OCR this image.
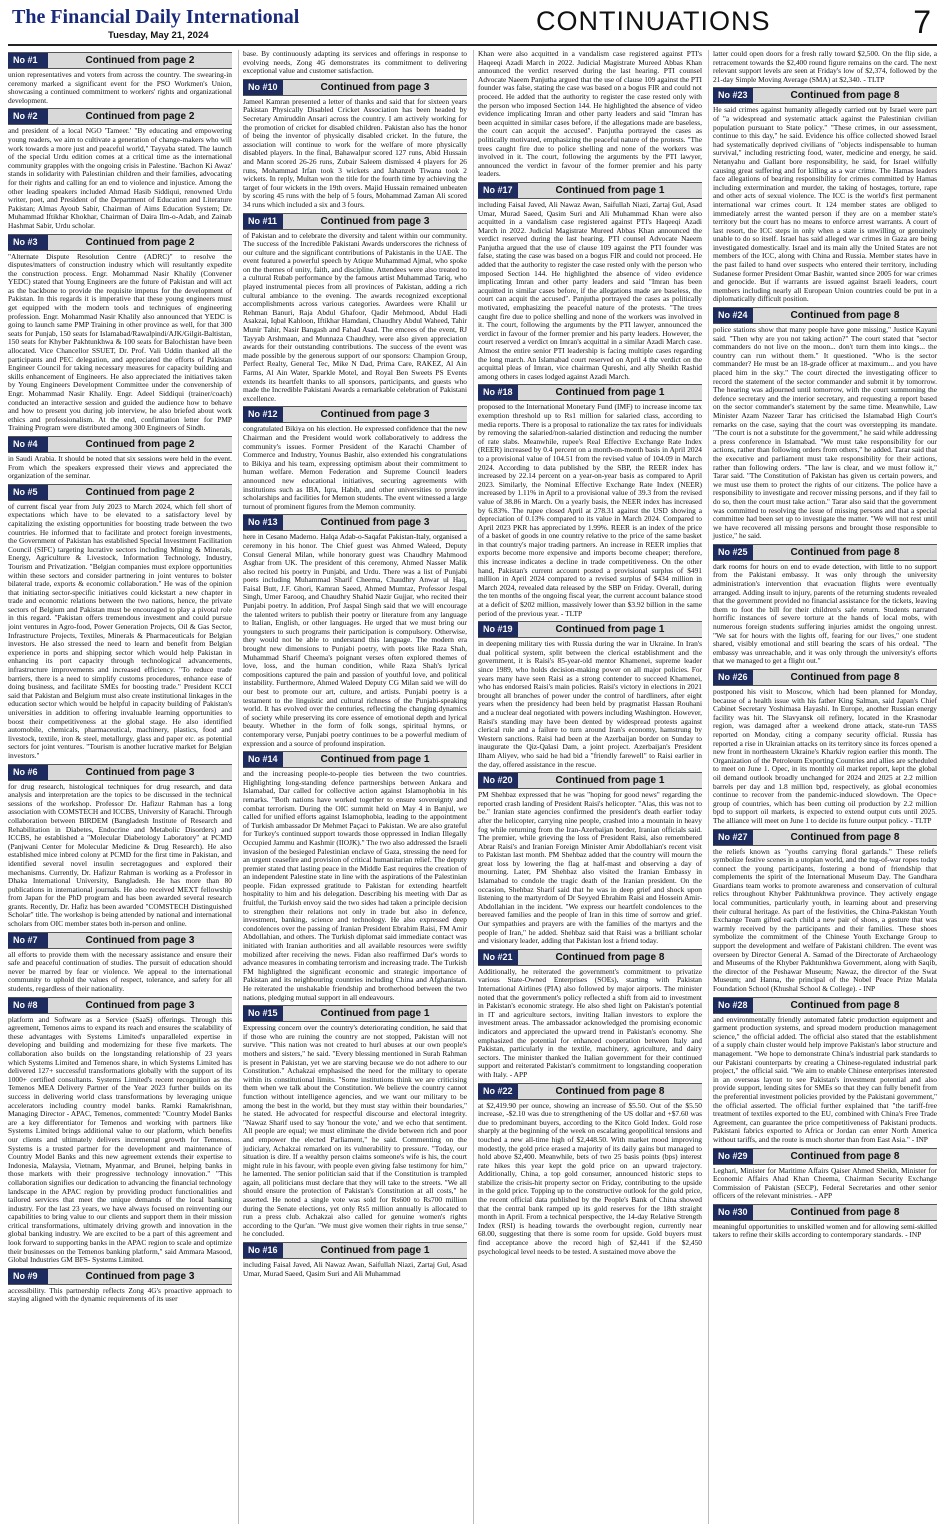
The Financial Daily International
Tuesday, May 21, 2024	CONTINUATIONS	7
No #1	Continued from page 2

union representatives and voters from across the country. The swearing-in ceremony marked a significant event for the PSO Workmen's Union, showcasing a continued commitment to workers' rights and organizational development.

No #2	Continued from page 2

and president of a local NGO 'Tameer.' "By educating and empowering young readers, we aim to cultivate a generation of change-makers who will work towards a more just and peaceful world," Tayyaba stated. The launch of the special Urdu edition comes at a critical time as the international community grapples with the ongoing crisis in Palestine. 'Bachon Ki Awaz' stands in solidarity with Palestinian children and their families, advocating for their rights and calling for an end to violence and injustice. Among the other leading speakers included Ahmad Hasib Siddiqui, renowned Urdu writer, poet, and President of the Department of Education and Literature Pakistan; Almas Ayoub Sabir, Chairman of Aims Education System; Dr. Muhammad Iftikhar Khokhar, Chairman of Daira Ilm-o-Adab, and Zainab Hashmat Sabir, Urdu scholar.

No #3	Continued from page 2

"Alternate Dispute Resolution Centre (ADRC)" to resolve the disputes/matters of construction industry which will resultantly expedite the construction process. Engr. Mohammad Nasir Khalily (Convener YEDC) stated that Young Engineers are the future of Pakistan and will act as the backbone to provide the requisite impetus for the development of Pakistan. In this regards it is imperative that these young engineers must get equipped with the modern tools and techniques of engineering profession. Engr. Mohammad Nasir Khalily also announced that YEDC is going to launch same PMP Training in other province as well, for that 300 seats for Punjab, 150 seats for Islamabad/Rawalpindi/AJK/Gilgit-Baltistan, 150 seats for Khyber Pakhtunkhwa & 100 seats for Balochistan have been allocated. Vice Chancellor SSUET, Dr. Prof. Vali Uddin thanked all the participants and PEC delegation, and appreciated the efforts of Pakistan Engineer Council for taking necessary measures for capacity building and skills enhancement of Engineers. He also appreciated the initiatives taken by Young Engineers Development Committee under the convenership of Engr. Mohammad Nasir Khalily. Engr. Adeel Siddiqui (trainer/coach) conducted an interactive session and guided the audience how to behave and how to present you during job interview, he also briefed about work ethics and professionalism. At the end, confirmation letter for PMP Training Program were distributed among 300 Engineers of Sindh.

No #4	Continued from page 2

in Saudi Arabia. It should be noted that six sessions were held in the event. From which the speakers expressed their views and appreciated the organization of the seminar.

No #5	Continued from page 2

of current fiscal year from July 2023 to March 2024, which fell short of expectations which have to be elevated to a satisfactory level by capitalizing the existing opportunities for boosting trade between the two countries. He informed that to facilitate and protect foreign investments, the Government of Pakistan has established Special Investment Facilitation Council (SIFC) targeting lucrative sectors including Mining & Minerals, Energy, Agriculture & Livestock, Information Technology, Industry, Tourism and Privatization. "Belgian companies must explore opportunities within these sectors and consider partnering in joint ventures to bolster bilateral trade, exports & economic collaboration." He was of the opinion that initiating sector-specific initiatives could kickstart a new chapter in trade and economic relations between the two nations, hence, the private sectors of Belgium and Pakistan must be encouraged to play a pivotal role in this regard. "Pakistan offers tremendous investment and could pursue joint ventures in Agro-food, Power Generation Projects, Oil & Gas Sector, Infrastructure Projects, Textiles, Minerals & Pharmaceuticals for Belgian investors. He also stressed the need to learn and benefit from Belgian experience in ports and shipping sector which would help Pakistan in enhancing its port capacity through technological advancements, infrastructure improvements and increased efficiency. "To reduce trade barriers, there is a need to simplify customs procedures, enhance ease of doing business, and facilitate SMEs for boosting trade." President KCCI said that Pakistan and Belgium must also create institutional linkages in the education sector which would be helpful in capacity building of Pakistan's universities in addition to offering invaluable learning opportunities to boost their competitiveness at the global stage. He also identified automobile, chemicals, pharmaceutical, machinery, plastics, food and livestock, textile, iron & steel, metallurgy, glass and paper etc. as potential sectors for joint ventures. "Tourism is another lucrative market for Belgian investors."

No #6	Continued from page 3

for drug research, histological techniques for drug research, and data analysis and interpretation are the topics to be discussed in the technical sessions of the workshop. Professor Dr. Hafizur Rahman has a long association with COMSTECH and ICCBS, University of Karachi. Through collaboration between BIRDEM (Bangladesh Institute of Research and Rehabilitation in Diabetes, Endocrine and Metabolic Disorders) and ICCBS, he established a "Molecular Diabetology Laboratory" at PCMD (Panjwani Center for Molecular Medicine & Drug Research). He also established mice inbred colony at PCMD for the first time in Pakistan, and identified several novel insulin secretagogues and explored their mechanisms. Currently, Dr. Hafizur Rahman is working as a Professor in Dhaka International University, Bangladesh. He has more than 80 publications in international journals. He also received MEXT fellowship from Japan for the PhD program and has been awarded several research grants. Recently, Dr. Hafiz has been awarded "COMSTECH Distinguished Scholar" title. The workshop is being attended by national and international scholars from OIC member states both in-person and online.

No #7	Continued from page 3

all efforts to provide them with the necessary assistance and ensure their safe and peaceful continuation of studies. The pursuit of education should never be marred by fear or violence. We appeal to the international community to uphold the values of respect, tolerance, and safety for all students, regardless of their nationality.

No #8	Continued from page 3

platform and Software as a Service (SaaS) offerings. Through this agreement, Temenos aims to expand its reach and ensures the scalability of these advantages with Systems Limited's unparalleled expertise in developing and building and modernizing for these five markets. The collaboration also builds on the longstanding relationship of 23 years which Systems Limited and Temenos share, in which Systems Limited has delivered 127+ successful transformations globally with the support of its 1000+ certified consultants. Systems Limited's recent recognition as the Temenos MEA Delivery Partner of the Year 2023 further builds on its success in delivering world class transformations by leveraging unique accelerators including country model banks. Ramki Ramakrishnan, Managing Director - APAC, Temenos, commented: "Country Model Banks are a key differentiator for Temenos and working with partners like Systems Limited brings additional value to our platform, which benefits our clients and ultimately delivers incremental growth for Temenos. Systems is a trusted partner for the development and maintenance of Country Model Banks and this new agreement extends their expertise to Indonesia, Malaysia, Vietnam, Myanmar, and Brunei, helping banks in those markets with their progressive technology innovation." "This collaboration signifies our dedication to advancing the financial technology landscape in the APAC region by providing product functionalities and tailored services that meet the unique demands of the local banking industry. For the last 23 years, we have always focused on reinventing our capabilities to bring value to our clients and support them in their mission critical transformations, ultimately driving growth and innovation in the global banking industry. We are excited to be a part of this agreement and look forward to supporting banks in the APAC region to scale and optimize their businesses on the Temenos banking platform," said Ammara Masood, Global Industries GM BFS- Systems Limited.

No #9	Continued from page 3

accessibility. This partnership reflects Zong 4G's proactive approach to staying aligned with the dynamic requirements of its user

base. By continuously adapting its services and offerings in response to evolving needs, Zong 4G demonstrates its commitment to delivering exceptional value and customer satisfaction.

No #10	Continued from page 3

Jameel Kamran presented a letter of thanks and said that for sixteen years Pakistan Physically Disabled Cricket Association has been headed by Secretary Amiruddin Ansari across the country. I am actively working for the promotion of cricket for disabled children. Pakistan also has the honor of being the inventor of physically disabled cricket. In the future, the association will continue to work for the welfare of more physically disabled players. In the final, Bahawalpur scored 127 runs, Abid Hussain and Mann scored 26-26 runs, Zubair Saleem dismissed 4 players for 26 runs, Mohammad Irfan took 3 wickets and Jahanzeb Tiwana took 2 wickets. In reply, Multan won the title for the fourth time by achieving the target of four wickets in the 19th overs. Majid Hussain remained unbeaten by scoring 45 runs with the help of 5 fours, Mohammad Zaman Ali scored 34 runs which included a six and 3 fours.

No #11	Continued from page 3

of Pakistan and to celebrate the diversity and talent within our community. The success of the Incredible Pakistani Awards underscores the richness of our culture and the significant contributions of Pakistanis in the UAE. The event featured a powerful speech by Atique Muhammad Ajmal, who spoke on the themes of unity, faith, and discipline. Attendees were also treated to a cultural Rubab performance by the famous artist Muhammad Tariq, who played instrumental pieces from all provinces of Pakistan, adding a rich cultural ambiance to the evening. The awards recognized exceptional accomplishments across various categories. Awardees were Khalil ur Rehman Banuri, Raja Abdul Ghafoor, Qadir Mehmood, Abdul Hadi Asakzai, Iqbal Kahloon, Iftikhar Hamdani, Chaudhry Abdul Waheed, Tahir Munir Tahir, Nasir Bangash and Fahad Asad. The emcees of the event, RJ Tayyab Arshmaan, and Munnaza Chaudhry, were also given appreciation awards for their outstanding contributions. The success of the event was made possible by the generous support of our sponsors: Champion Group, Perfect Realty, General Tec, Mike N Dad, Prima Care, RAKEZ, Al Ain Farms, Al Ain Water, Sparkle Motel, and Royal Ben Sweets PS Events extends its heartfelt thanks to all sponsors, participants, and guests who made the Incredible Pakistani Awards a remarkable celebration of Pakistani excellence.

No #12	Continued from page 3

congratulated Bikiya on his election. He expressed confidence that the new Chairman and the President would work collaboratively to address the community's issues. Former President of the Karachi Chamber of Commerce and Industry, Younus Bashir, also extended his congratulations to Bikiya and his team, expressing optimism about their commitment to human welfare. Memon Federation and Supreme Council leaders announced new educational initiatives, securing agreements with institutions such as IBA, Iqra, Habib, and other universities to provide scholarships and facilities for Memon students. The event witnessed a large turnout of prominent figures from the Memon community.

No #13	Continued from page 3

here in Cesano Maderno. Halqa Adab-o-Saqafat Pakistan-Italy, organised a ceremony in his honor. The Chief guest was Ahmed Waleed, Deputy Consul General Milan, while honorary guest was Chaudhry Mahmood Asghar from UK. The president of this ceremony, Ahmed Nasser Malik also recited his poetry in Punjabi, and Urdu. There was a list of Punjabi poets including Muhammad Sharif Cheema, Chaudhry Anwar ul Haq, Faisal Butt, J.F. Ghori, Kamran Saeed, Ahmed Mumtaz, Professor Jespal Singh, Umer Farooq, and Chaudhry Shahid Nazir Gujjar, who recited their Punjabi poetry. In addition, Prof Jaspal Singh said that we will encourage the talented writers to publish their poetry or literature from any language to Italian, English, or other languages. He urged that we must bring our youngsters to such programs their participation is compulsory. Otherwise, they would not be able to understand this language. The modern era brought new dimensions to Punjabi poetry, with poets like Raza Shah, Muhammad Sharif Cheema's poignant verses often explored themes of love, loss, and the human condition, while Raza Shah's lyrical compositions captured the pain and passion of youthful love, and political instability. Furthermore, Ahmed Waleed Deputy CG Milan said we will do our best to promote our art, culture, and artists. Punjabi poetry is a testament to the linguistic and cultural richness of the Punjabi-speaking world. It has evolved over the centuries, reflecting the changing dynamics of society while preserving its core essence of emotional depth and lyrical beauty. Whether in the form of folk songs, spiritual hymns, or contemporary verse, Punjabi poetry continues to be a powerful medium of expression and a source of profound inspiration.

No #14	Continued from page 1

and the increasing people-to-people ties between the two countries. Highlighting long-standing defence partnerships between Ankara and Islamabad, Dar called for collective action against Islamophobia in his remarks. "Both nations have worked together to ensure sovereignty and combat terrorism. During the OIC summit held on May 4 in Banjul, we called for unified efforts against Islamophobia, leading to the appointment of Turkish ambassador Dr Mehmet Paçaci to Pakistan. We are also grateful for Turkey's continued support towards those oppressed in Indian Illegally Occupied Jammu and Kashmir (IIOJK)." The two also addressed the Israeli invasion of the besieged Palestinian enclave of Gaza, stressing the need for an urgent ceasefire and provision of critical humanitarian relief. The deputy premier stated that lasting peace in the Middle East requires the creation of an independent Palestine state in line with the aspirations of the Palestinian people. Fidan expressed gratitude to Pakistan for extending heartfelt hospitality to him and his delegation. Describing his meeting with Dar as fruitful, the Turkish envoy said the two sides had taken a principle decision to strengthen their relations not only in trade but also in defence, investment, banking, science and technology. He also expressed deep condolences over the passing of Iranian President Ebrahim Raisi, FM Amir Abdollahian, and others. The Turkish diplomat said immediate contact was initiated with Iranian authorities and all available resources were swiftly mobilized after receiving the news. Fidan also reaffirmed Dar's words to advance measures in combating terrorism and increasing trade. The Turkish FM highlighted the significant economic and strategic importance of Pakistan and its neighbouring countries including China and Afghanistan. He reiterated the unshakable friendship and brotherhood between the two nations, pledging mutual support in all endeavours.

No #15	Continued from page 1

Expressing concern over the country's deteriorating condition, he said that if those who are ruining the country are not stopped, Pakistan will not survive. "This nation was not created to hurl abuses at our own people's mothers and sisters," he said. "Every blessing mentioned in Surah Rahman is present in Pakistan, yet we are starving because we do not adhere to our Constitution." Achakzai emphasised the need for the military to operate within its constitutional limits. "Some institutions think we are criticising them when we talk about the Constitution. We believe the country cannot function without intelligence agencies, and we want our military to be among the best in the world, but they must stay within their boundaries," he stated. He advocated for respectful discourse and electoral integrity. "Nawaz Sharif used to say 'honour the vote,' and we echo that sentiment. All people are equal; we must eliminate the divide between rich and poor and empower the elected Parliament," he said. Commenting on the judiciary, Achakzai remarked on its vulnerability to pressure. "Today, our situation is dire. If a wealthy person claims someone's wife is his, the court might rule in his favour, with people even giving false testimony for him," he lamented. The senior politician said that if the Constitution is trampled again, all politicians must declare that they will take to the streets. "We all should ensure the protection of Pakistan's Constitution at all costs," he asserted. He noted a single vote was sold for Rs600 to Rs700 million during the Senate elections, yet only Rs5 million annually is allocated to run a press club. Achakzai also called for genuine women's rights according to the Qur'an. "We must give women their rights in true sense," he concluded.

No #16	Continued from page 1

including Faisal Javed, Ali Nawaz Awan, Saifullah Niazi, Zartaj Gul, Asad Umar, Murad Saeed, Qasim Suri and Ali Muhammad

Khan were also acquitted in a vandalism case registered against PTI's Haqeeqi Azadi March in 2022. Judicial Magistrate Mureed Abbas Khan announced the verdict reserved during the last hearing. PTI counsel Advocate Naeem Panjutha argued that the use of clause 109 against the PTI founder was false, stating the case was based on a bogus FIR and could not proceed. He added that the authority to register the case rested only with the person who imposed Section 144. He highlighted the absence of video evidence implicating Imran and other party leaders and said "Imran has been acquitted in similar cases before, if the allegations made are baseless, the court can acquit the accused". Panjutha portrayed the cases as politically motivated, emphasizing the peaceful nature of the protests. "The trees caught fire due to police shelling and none of the workers was involved in it. The court, following the arguments by the PTI lawyer, announced the verdict in favour of the former premier and his party leaders.

No #17	Continued from page 1

including Faisal Javed, Ali Nawaz Awan, Saifullah Niazi, Zartaj Gul, Asad Umar, Murad Saeed, Qasim Suri and Ali Muhammad Khan were also acquitted in a vandalism case registered against PTI's Haqeeqi Azadi March in 2022. Judicial Magistrate Mureed Abbas Khan announced the verdict reserved during the last hearing. PTI counsel Advocate Naeem Panjutha argued that the use of clause 109 against the PTI founder was false, stating the case was based on a bogus FIR and could not proceed. He added that the authority to register the case rested only with the person who imposed Section 144. He highlighted the absence of video evidence implicating Imran and other party leaders and said "Imran has been acquitted in similar cases before, if the allegations made are baseless, the court can acquit the accused". Panjutha portrayed the cases as politically motivated, emphasizing the peaceful nature of the protests. "The trees caught fire due to police shelling and none of the workers was involved in it. The court, following the arguments by the PTI lawyer, announced the verdict in favour of the former premier and his party leaders. However, the court reserved a verdict on Imran's acquittal in a similar Azadi March case. Almost the entire senior PTI leadership is facing multiple cases regarding the long march. An Islamabad court reserved on April 4 the verdict on the acquittal pleas of Imran, vice chairman Qureshi, and ally Sheikh Rashid among others in cases lodged against Azadi March.

No #18	Continued from page 1

proposed to the International Monetary Fund (IMF) to increase income tax exemption threshold up to Rs1 million for salaried class, according to media reports. There is a proposal to rationalize the tax rates for individuals by removing the salaried/non-salaried distinction and reducing the number of rate slabs. Meanwhile, rupee's Real Effective Exchange Rate Index (REER) increased by 0.4 percent on a month-on-month basis in April 2024 to a provisional value of 104.51 from the revised value of 104.09 in March 2024. According to data published by the SBP, the REER index has increased by 22.14 percent on a year-on-year basis as compared to April 2023. Similarly, the Nominal Effective Exchange Rate Index (NEER) increased by 1.11% in April to a provisional value of 39.3 from the revised value of 38.86 in March. On a yearly basis, the NEER index has increased by 6.83%. The rupee closed April at 278.31 against the USD showing a depreciation of 0.13% compared to its value in March 2024. Compared to April 2023 PKR has appreciated by 1.99%. REER is an index of the price of a basket of goods in one country relative to the price of the same basket in that country's major trading partners. An increase in REER implies that exports become more expensive and imports become cheaper; therefore, this increase indicates a decline in trade competitiveness. On the other hand, Pakistan's current account posted a provisional surplus of $491 million in April 2024 compared to a revised surplus of $434 million in March 2024, revealed data released by the SBP on Friday. Overall, during the ten months of the ongoing fiscal year, the current account balance stood at a deficit of $202 million, massively lower than $3.92 billion in the same period of the previous year. - TLTP

No #19	Continued from page 1

in deepening military ties with Russia during the war in Ukraine. In Iran's dual political system, split between the clerical establishment and the government, it is Raisi's 85-year-old mentor Khamenei, supreme leader since 1989, who holds decision-making power on all major policies. For years many have seen Raisi as a strong contender to succeed Khamenei, who has endorsed Raisi's main policies. Raisi's victory in elections in 2021 brought all branches of power under the control of hardliners, after eight years when the presidency had been held by pragmatist Hassan Rouhani and a nuclear deal negotiated with powers including Washington. However, Raisi's standing may have been dented by widespread protests against clerical rule and a failure to turn around Iran's economy, hamstrung by Western sanctions. Raisi had been at the Azerbaijan border on Sunday to inaugurate the Qiz-Qalasi Dam, a joint project. Azerbaijan's President Ilham Aliyev, who said he had bid a "friendly farewell" to Raisi earlier in the day, offered assistance in the rescue.

No #20	Continued from page 1

PM Shehbaz expressed that he was "hoping for good news" regarding the reported crash landing of President Raisi's helicopter. "Alas, this was not to be." Iranian state agencies confirmed the president's death earlier today after the helicopter, carrying nine people, crashed into a mountain in heavy fog while returning from the Iran-Azerbaijan border, Iranian officials said. The premier, while grieving the loss of President Raisi, also remembered Abrar Raisi's and Iranian Foreign Minister Amir Abdollahian's recent visit to Pakistan last month. PM Shehbaz added that the country will mourn the great loss by lowering the flag at half-mast and observing a day of mourning. Later, PM Shehbaz also visited the Iranian Embassy in Islamabad to condole the tragic death of the Iranian president. On the occasion, Shehbaz Sharif said that he was in deep grief and shock upon listening to the martyrdom of Dr Seyyed Ebrahim Raisi and Hossein Amir-Abdollahian in the incident. "We express our heartfelt condolences to the bereaved families and the people of Iran in this time of sorrow and grief. Our sympathies and prayers are with the families of the martyrs and the people of Iran," he added. Shehbaz said that Raisi was a brilliant scholar and visionary leader, adding that Pakistan lost a friend today.

No #21	Continued from page 8

Additionally, he reiterated the government's commitment to privatize various State-Owned Enterprises (SOEs), starting with Pakistan International Airlines (PIA) also followed by major airports. The minister noted that the government's policy reflected a shift from aid to investment in Pakistan's economic strategy. He also shed light on Pakistan's potential in IT and agriculture sectors, inviting Italian investors to explore the investment areas. The ambassador acknowledged the promising economic indicators and appreciated the upward trend in Pakistan's economy. She emphasized the potential for enhanced cooperation between Italy and Pakistan, particularly in the textile, machinery, agriculture, and dairy sectors. The minister thanked the Italian government for their continued support and reiterated Pakistan's commitment to longstanding cooperation with Italy. - APP

No #22	Continued from page 8

at $2,419.90 per ounce, showing an increase of $5.50. Out of the $5.50 increase, -$2.10 was due to strengthening of the US dollar and +$7.60 was due to predominant buyers, according to the Kitco Gold Index. Gold rose sharply at the beginning of the week on escalating geopolitical tensions and touched a new all-time high of $2,448.50. With market mood improving modestly, the gold price erased a majority of its daily gains but managed to hold above $2,400. Meanwhile, bets of two 25 basis points (bps) interest rate hikes this year kept the gold price on an upward trajectory. Additionally, China, a top gold consumer, announced historic steps to stabilize the crisis-hit property sector on Friday, contributing to the upside in the gold price. Topping up to the constructive outlook for the gold price, the recent official data published by the People's Bank of China showed that the central bank ramped up its gold reserves for the 18th straight month in April. From a technical perspective, the 14-day Relative Strength Index (RSI) is heading towards the overbought region, currently near 68.00, suggesting that there is some room for upside. Gold buyers must find acceptance above the record high of $2,441 if the $2,450 psychological level needs to be tested. A sustained move above the

latter could open doors for a fresh rally toward $2,500. On the flip side, a retracement towards the $2,400 round figure remains on the card. The next relevant support levels are seen at Friday's low of $2,374, followed by the 21-day Simple Moving Average (SMA) at $2,340. - TLTP

No #23	Continued from page 8

He said crimes against humanity allegedly carried out by Israel were part of "a widespread and systematic attack against the Palestinian civilian population pursuant to State policy." "These crimes, in our assessment, continue to this day," he said. Evidence his office collected showed Israel had systematically deprived civilians of "objects indispensable to human survival," including restricting food, water, medicine and energy, he said. Netanyahu and Gallant bore responsibility, he said, for Israel wilfully causing great suffering and for killing as a war crime. The Hamas leaders face allegations of bearing responsibility for crimes committed by Hamas including extermination and murder, the taking of hostages, torture, rape and other acts of sexual violence. The ICC is the world's first permanent international war crimes court. It 124 member states are obliged to immediately arrest the wanted person if they are on a member state's territory but the court has no means to enforce arrest warrants. A court of last resort, the ICC steps in only when a state is unwilling or genuinely unable to do so itself. Israel has said alleged war crimes in Gaza are being investigated domestically. Israel and its main ally the United States are not members of the ICC, along with China and Russia. Member states have in the past failed to hand over suspects who entered their territory, including Sudanese former President Omar Bashir, wanted since 2005 for war crimes and genocide. But if warrants are issued against Israeli leaders, court members including nearly all European Union countries could be put in a diplomatically difficult position.

No #24	Continued from page 8

police stations show that many people have gone missing," Justice Kayani said. "Then why are you not taking action?" The court stated that "sector commanders do not live on the moon... don't turn them into kings... the country can run without them." It questioned. "Who is the sector commander? He must be an 18-grade officer at maximum... and you have placed him in the sky." The court directed the investigating officer to record the statement of the sector commander and submit it by tomorrow. The hearing was adjourned until tomorrow, with the court summoning the defence secretary and the interior secretary, and requesting a report based on the sector commander's statement by the same time. Meanwhile, Law Minister Azam Nazeer Tarar has criticised the Islamabad High Court's remarks on the case, saying that the court was overstepping its mandate. "The court is not a substitute for the government," he said while addressing a press conference in Islamabad. "We must take responsibility for our actions, rather than following orders from others," he added. Tarar said that the executive and parliament must take responsibility for their actions, rather than following orders. "The law is clear, and we must follow it," Tarar said. "The Constitution of Pakistan has given us certain powers, and we must use them to protect the rights of our citizens. The police have a responsibility to investigate and recover missing persons, and if they fail to do so, then the court must take action." Tarar also said that the government was committed to resolving the issue of missing persons and that a special committee had been set up to investigate the matter. "We will not rest until we have recovered all missing persons and brought those responsible to justice," he said.

No #25	Continued from page 8

dark rooms for hours on end to evade detection, with little to no support from the Pakistani embassy. It was only through the university administration's intervention that evacuation flights were eventually arranged. Adding insult to injury, parents of the returning students revealed that the government provided no financial assistance for the tickets, leaving them to foot the bill for their children's safe return. Students narrated horrific instances of severe torture at the hands of local mobs, with numerous foreign students suffering injuries amidst the ongoing unrest. "We sat for hours with the lights off, fearing for our lives," one student shared, visibly emotional and still bearing the scars of his ordeal. "The embassy was unreachable, and it was only through the university's efforts that we managed to get a flight out."

No #26	Continued from page 8

postponed his visit to Moscow, which had been planned for Monday, because of a health issue with his father King Salman, said Japan's Chief Cabinet Secretary Yoshimasa Hayashi. In Europe, another Russian energy facility was hit. The Slavyansk oil refinery, located in the Krasnodar region, was damaged after a weekend drone attack, state-run TASS reported on Monday, citing a company security official. Russia has reported a rise in Ukrainian attacks on its territory since its forces opened a new front in northeastern Ukraine's Kharkiv region earlier this month. The Organization of the Petroleum Exporting Countries and allies are scheduled to meet on June 1. Opec, in its monthly oil market report, kept the global oil demand outlook broadly unchanged for 2024 and 2025 at 2.2 million barrels per day and 1.8 million bpd, respectively, as global economies continue to recover from the pandemic-induced slowdown. The Opec+ group of countries, which has been cutting oil production by 2.2 million bpd to support oil markets, is expected to extend output cuts until 2025. The alliance will meet on June 1 to decide its future output policy. - TLTP

No #27	Continued from page 8

the reliefs known as "youths carrying floral garlands." These reliefs symbolize festive scenes in a utopian world, and the tug-of-war ropes today connect the young participants, fostering a bond of friendship that complements the spirit of the International Museum Day. The Gandhara Guardians team works to promote awareness and conservation of cultural relics throughout Khyber Pakhtunkhwa province. They actively engage local communities, particularly youth, in learning about and preserving their cultural heritage. As part of the festivities, the China-Pakistan Youth Exchange Team gifted each child a new pair of shoes, a gesture that was warmly received by the participants and their families. These shoes symbolize the commitment of the Chinese Youth Exchange Group to support the development and welfare of Pakistani children. The event was overseen by Director General A. Samad of the Directorate of Archaeology and Museums of the Khyber Pakhtunkhwa Government, along with Saqib, the director of the Peshawar Museum; Nawaz, the director of the Swat Museum; and Hanna, the principal of the Nobel Peace Prize Malala Foundation School (Khushal School & College). - INP

No #28	Continued from page 8

and environmentally friendly automated fabric production equipment and garment production systems, and spread modern production management science," the official added. The official also stated that the establishment of a supply chain cluster would help improve Pakistan's labor structure and management. "We hope to demonstrate China's industrial park standards to our Pakistani counterparts by creating a Chinese-regulated industrial park project," the official said. "We aim to enable Chinese enterprises interested in an overseas layout to see Pakistan's investment potential and also provide support, lending sites for SMEs so that they can fully benefit from the preferential investment policies provided by the Pakistani government," the official asserted. The official further explained that "the tariff-free treatment of textiles exported to the EU, combined with China's Free Trade Agreement, can guarantee the price competitiveness of Pakistani products. Pakistani fabrics exported to Africa or Jordan can enter North America without tariffs, and the route is much shorter than from East Asia." - INP

No #29	Continued from page 8

Leghari, Minister for Maritime Affairs Qaiser Ahmed Sheikh, Minister for Economic Affairs Ahad Khan Cheema, Chairman Security Exchange Commission of Pakistan (SECP), Federal Secretaries and other senior officers of the relevant ministries. - APP

No #30	Continued from page 8

meaningful opportunities to unskilled women and for allowing semi-skilled takers to refine their skills according to contemporary standards. - INP
